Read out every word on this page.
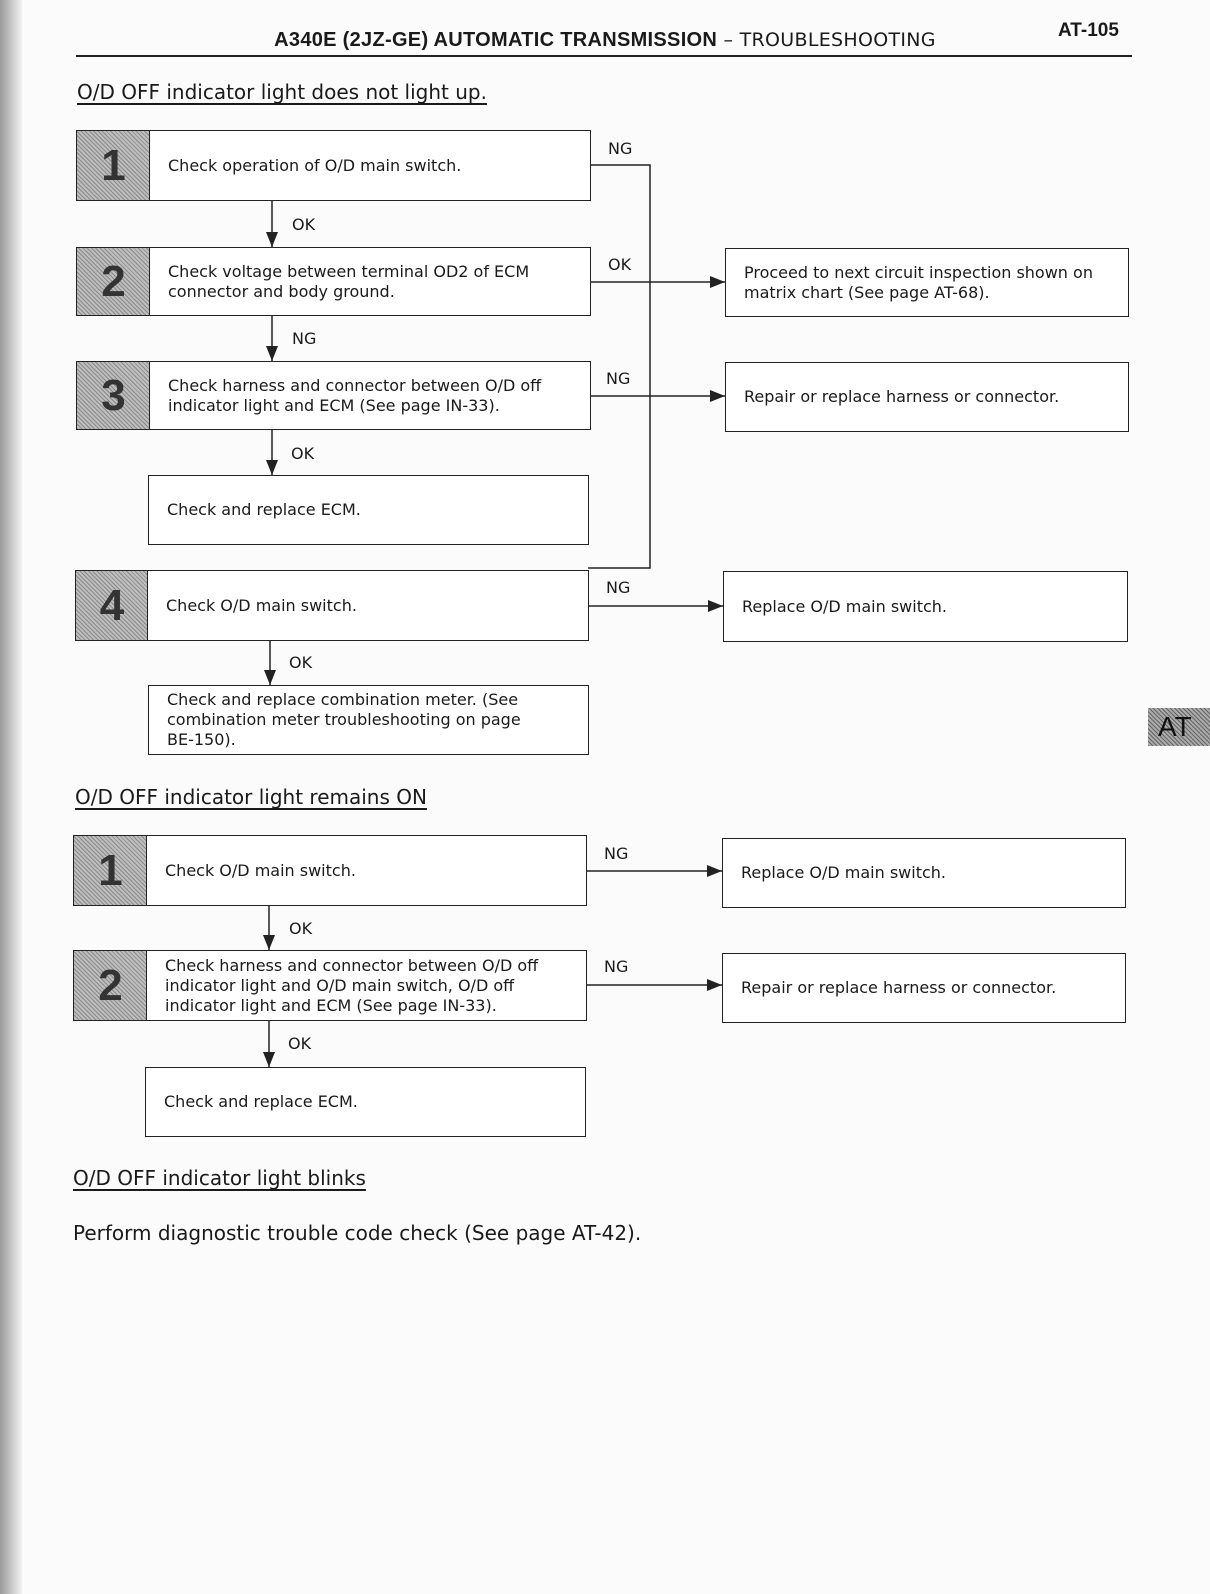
A340E (2JZ-GE) AUTOMATIC TRANSMISSION – TROUBLESHOOTING	AT-105
AT
O/D OFF indicator light does not light up.
1	Check operation of O/D main switch.
NG
OK
2	Check voltage between terminal OD2 of ECM connector and body ground.
OK
NG
Proceed to next circuit inspection shown on matrix chart (See page AT-68).
3	Check harness and connector between O/D off indicator light and ECM (See page IN-33).
NG
OK
Repair or replace harness or connector.
Check and replace ECM.
4	Check O/D main switch.
NG
OK
Replace O/D main switch.
Check and replace combination meter. (See combination meter troubleshooting on page BE-150).
O/D OFF indicator light remains ON
1	Check O/D main switch.
NG
OK
Replace O/D main switch.
2	Check harness and connector between O/D off indicator light and O/D main switch, O/D off indicator light and ECM (See page IN-33).
NG
OK
Repair or replace harness or connector.
Check and replace ECM.
O/D OFF indicator light blinks
Perform diagnostic trouble code check (See page AT-42).
